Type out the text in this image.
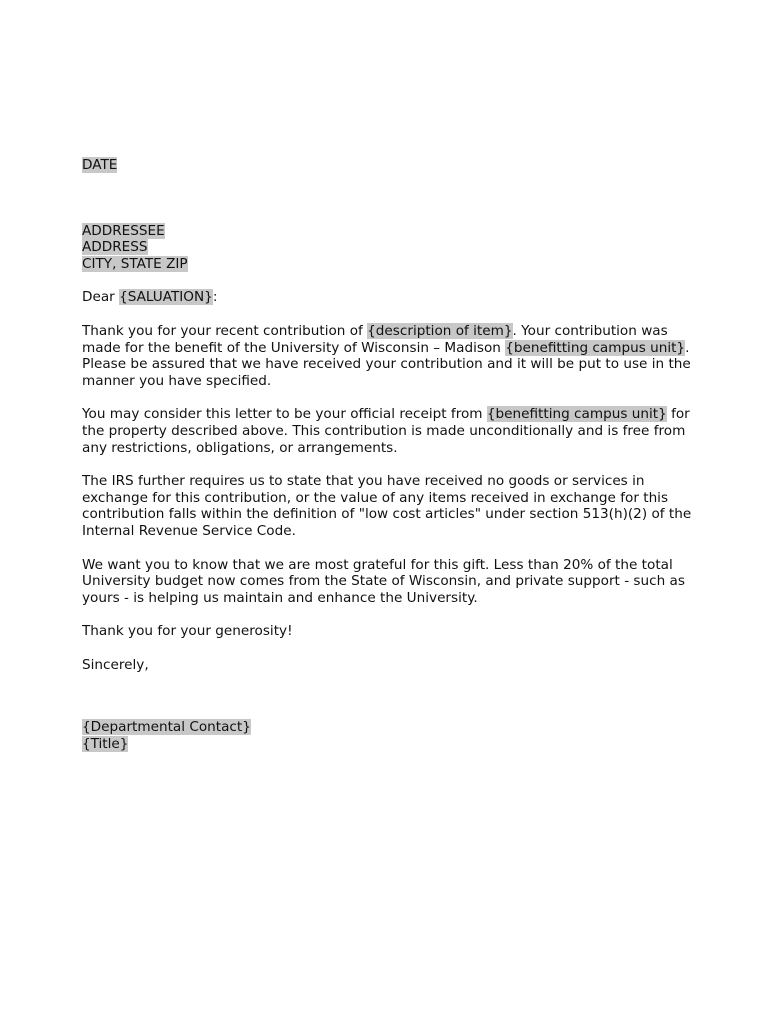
DATE
ADDRESSEE
ADDRESS
CITY, STATE ZIP
Dear {SALUATION}:

Thank you for your recent contribution of {description of item}. Your contribution was made for the benefit of the University of Wisconsin – Madison {benefitting campus unit}. Please be assured that we have received your contribution and it will be put to use in the manner you have specified.

You may consider this letter to be your official receipt from {benefitting campus unit} for the property described above. This contribution is made unconditionally and is free from any restrictions, obligations, or arrangements.

The IRS further requires us to state that you have received no goods or services in exchange for this contribution, or the value of any items received in exchange for this contribution falls within the definition of "low cost articles" under section 513(h)(2) of the Internal Revenue Service Code.

We want you to know that we are most grateful for this gift. Less than 20% of the total University budget now comes from the State of Wisconsin, and private support - such as yours - is helping us maintain and enhance the University.

Thank you for your generosity!

Sincerely,

{Departmental Contact}
{Title}
